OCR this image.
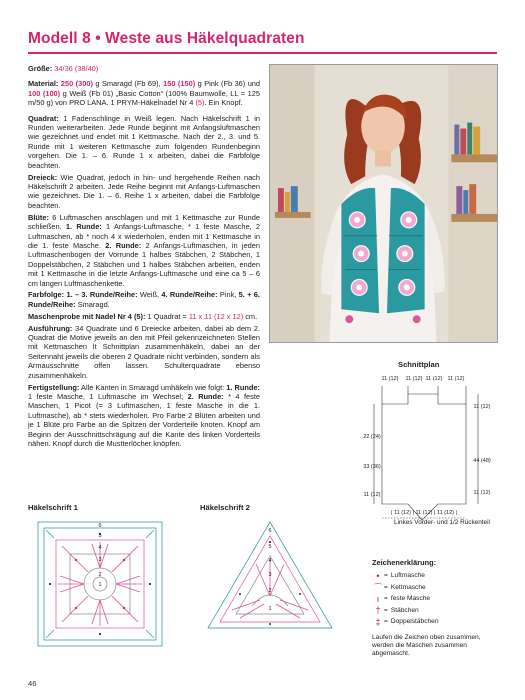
Modell 8 • Weste aus Häkelquadraten

Größe: 34/36 (38/40)

Material: 250 (300) g Smaragd (Fb 69), 150 (150) g Pink (Fb 36) und 100 (100) g Weiß (Fb 01) „Basic Cotton“ (100% Baumwolle, LL = 125 m/50 g) von PRO LANA. 1 PRYM-Häkelnadel Nr 4 (5). Ein Knopf.

Quadrat: 1 Fadenschlinge in Weiß legen. Nach Häkelschrift 1 in Runden weiterarbeiten. Jede Runde beginnt mit Anfangsluftmaschen wie gezeichnet und endet mit 1 Kettmasche. Nach der 2., 3. und 5. Runde mit 1 weiteren Kettmasche zum folgenden Rundenbeginn vorgehen. Die 1. – 6. Runde 1 x arbeiten, dabei die Farbfolge beachten.

Dreieck: Wie Quadrat, jedoch in hin- und hergehende Reihen nach Häkelschrift 2 arbeiten. Jede Reihe beginnt mit Anfangs-Luftmaschen wie gezeichnet. Die 1. – 6. Reihe 1 x arbeiten, dabei die Farbfolge beachten.

Blüte: 6 Luftmaschen anschlagen und mit 1 Kettmasche zur Runde schließen. 1. Runde: 1 Anfangs-Luftmasche, * 1 feste Masche, 2 Luftmaschen, ab * noch 4 x wiederholen, enden mit 1 Kettmasche in die 1. feste Masche. 2. Runde: 2 Anfangs-Luftmaschen, in jeden Luftmaschenbogen der Vorrunde 1 halbes Stäbchen, 2 Stäbchen, 1 Doppelstäbchen, 2 Stäbchen und 1 halbes Stäbchen arbeiten, enden mit 1 Kettmasche in die letzte Anfangs-Luftmasche und eine ca 5 – 6 cm langen Luftmaschenkette.

Farbfolge: 1. – 3. Runde/Reihe: Weiß, 4. Runde/Reihe: Pink, 5. + 6. Runde/Reihe: Smaragd.

Maschenprobe mit Nadel Nr 4 (5): 1 Quadrat = 11 x 11 (12 x 12) cm.

Ausführung: 34 Quadrate und 6 Dreiecke arbeiten, dabei ab dem 2. Quadrat die Motive jeweils an den mit Pfeil gekennzeichneten Stellen mit Kettmaschen lt Schnittplan zusammenhäkeln, dabei an der Seitennaht jeweils die oberen 2 Quadrate nicht verbinden, sondern als Armausschnitte offen lassen. Schulterquadrate ebenso zusammenhäkeln.

Fertigstellung: Alle Kanten in Smaragd umhäkeln wie folgt: 1. Runde: 1 feste Masche, 1 Luftmasche im Wechsel; 2. Runde: * 4 feste Maschen, 1 Picot (= 3 Luftmaschen, 1 feste Masche in die 1. Luftmasche), ab * stets wiederholen. Pro Farbe 2 Blüten arbeiten und je 1 Blüte pro Farbe an die Spitzen der Vorderteile knoten. Knopf am Beginn der Ausschnittschrägung auf die Kante des linken Vorderteils nähen. Knopf durch die Mustterlöcher knöpfen.

Schnittplan
11 (12) 11 (12) 11 (12) 11 (12)
22 (24)
33 (36)
11 (12)
11 (12)
44 (48)
11 (12)
| 11 (12) | 11 (12) | 11 (12) |
Linkes Vorder- und 1/2 Rückenteil
Zeichenerklärung:
• = Luftmasche
⌒ = Kettmasche
ı = feste Masche
† = Stäbchen
‡ = Doppelstäbchen
Laufen die Zeichen oben zusammen, werden die Maschen zusammen abgemascht.
Häkelschrift 1	Häkelschrift 2
1
2
3
4
5
6
1
2
3
4
5
6
46
